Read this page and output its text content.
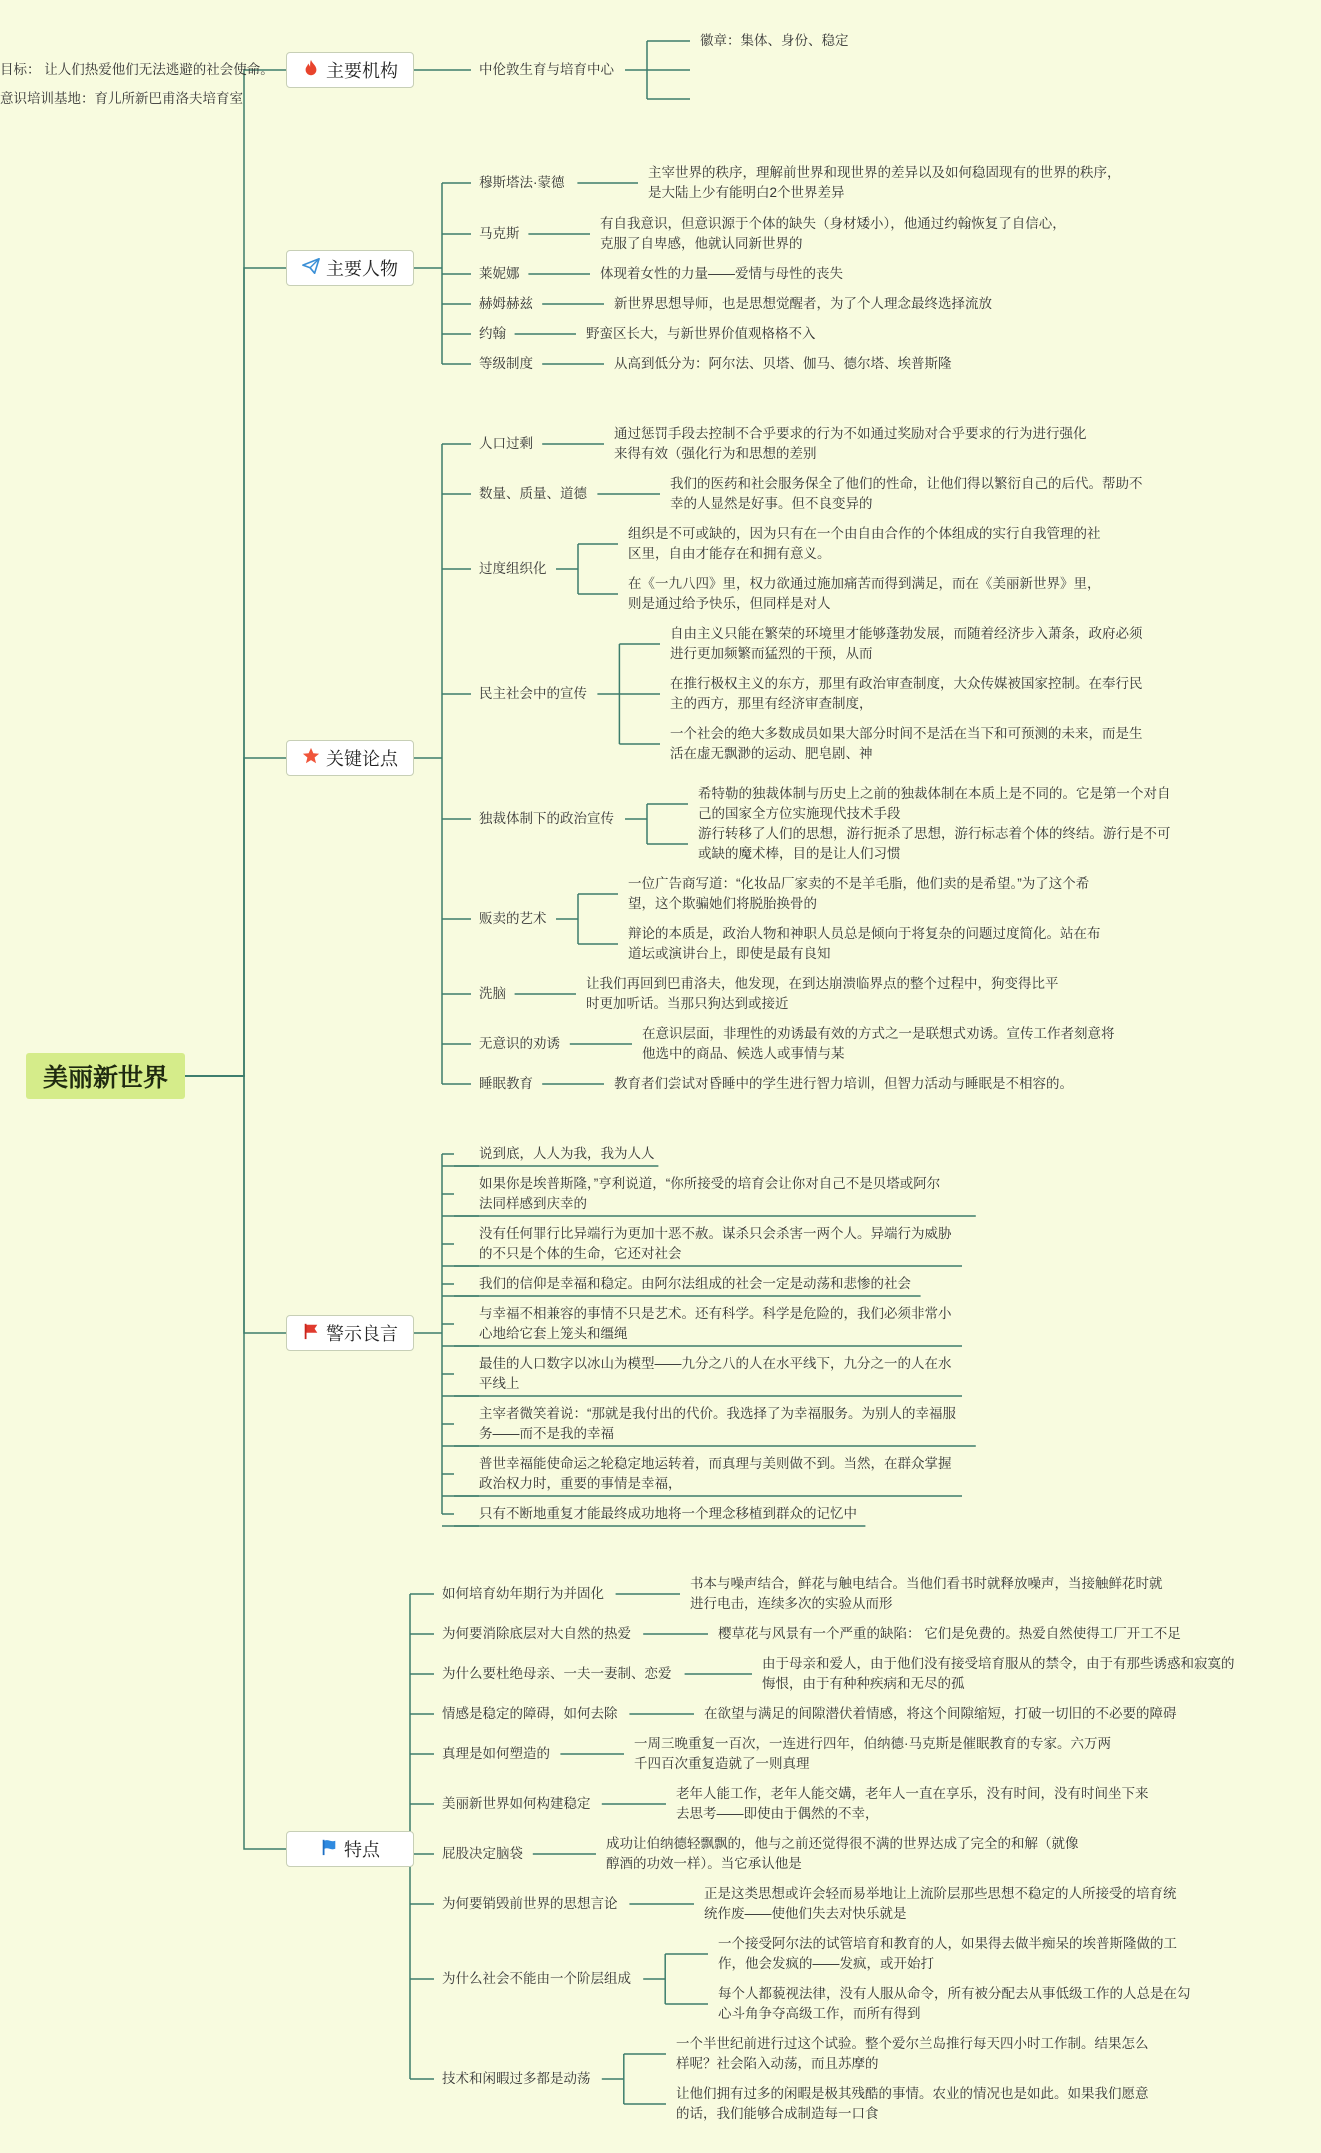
美丽新世界
主要机构	中伦敦生育与培育中心
徽章：集体、身份、稳定
目标： 让人们热爱他们无法逃避的社会使命。
意识培训基地：育儿所新巴甫洛夫培育室
主要人物
穆斯塔法·蒙德
主宰世界的秩序，理解前世界和现世界的差异以及如何稳固现有的世界的秩序，
是大陆上少有能明白2个世界差异
马克斯
有自我意识，但意识源于个体的缺失（身材矮小），他通过约翰恢复了自信心，
克服了自卑感，他就认同新世界的
莱妮娜	体现着女性的力量——爱情与母性的丧失
赫姆赫兹	新世界思想导师，也是思想觉醒者，为了个人理念最终选择流放
约翰	野蛮区长大，与新世界价值观格格不入
等级制度	从高到低分为：阿尔法、贝塔、伽马、德尔塔、埃普斯隆
关键论点
人口过剩
通过惩罚手段去控制不合乎要求的行为不如通过奖励对合乎要求的行为进行强化
来得有效（强化行为和思想的差别
数量、质量、道德
我们的医药和社会服务保全了他们的性命，让他们得以繁衍自己的后代。帮助不
幸的人显然是好事。但不良变异的
过度组织化
组织是不可或缺的，因为只有在一个由自由合作的个体组成的实行自我管理的社
区里，自由才能存在和拥有意义。
在《一九八四》里，权力欲通过施加痛苦而得到满足，而在《美丽新世界》里，
则是通过给予快乐，但同样是对人
民主社会中的宣传
自由主义只能在繁荣的环境里才能够蓬勃发展，而随着经济步入萧条，政府必须
进行更加频繁而猛烈的干预，从而
在推行极权主义的东方，那里有政治审查制度，大众传媒被国家控制。在奉行民
主的西方，那里有经济审查制度，
一个社会的绝大多数成员如果大部分时间不是活在当下和可预测的未来，而是生
活在虚无飘渺的运动、肥皂剧、神
独裁体制下的政治宣传
希特勒的独裁体制与历史上之前的独裁体制在本质上是不同的。它是第一个对自
己的国家全方位实施现代技术手段
游行转移了人们的思想，游行扼杀了思想，游行标志着个体的终结。游行是不可
或缺的魔术棒，目的是让人们习惯
贩卖的艺术
一位广告商写道：“化妆品厂家卖的不是羊毛脂，他们卖的是希望。”为了这个希
望，这个欺骗她们将脱胎换骨的
辩论的本质是，政治人物和神职人员总是倾向于将复杂的问题过度简化。站在布
道坛或演讲台上，即使是最有良知
洗脑
让我们再回到巴甫洛夫，他发现，在到达崩溃临界点的整个过程中，狗变得比平
时更加听话。当那只狗达到或接近
无意识的劝诱
在意识层面，非理性的劝诱最有效的方式之一是联想式劝诱。宣传工作者刻意将
他选中的商品、候选人或事情与某
睡眠教育	教育者们尝试对昏睡中的学生进行智力培训，但智力活动与睡眠是不相容的。
警示良言
说到底，人人为我，我为人人
如果你是埃普斯隆，”亨利说道，“你所接受的培育会让你对自己不是贝塔或阿尔
法同样感到庆幸的
没有任何罪行比异端行为更加十恶不赦。谋杀只会杀害一两个人。异端行为威胁
的不只是个体的生命，它还对社会
我们的信仰是幸福和稳定。由阿尔法组成的社会一定是动荡和悲惨的社会
与幸福不相兼容的事情不只是艺术。还有科学。科学是危险的，我们必须非常小
心地给它套上笼头和缰绳
最佳的人口数字以冰山为模型——九分之八的人在水平线下，九分之一的人在水
平线上
主宰者微笑着说：“那就是我付出的代价。我选择了为幸福服务。为别人的幸福服
务——而不是我的幸福
普世幸福能使命运之轮稳定地运转着，而真理与美则做不到。当然，在群众掌握
政治权力时，重要的事情是幸福，
只有不断地重复才能最终成功地将一个理念移植到群众的记忆中
特点
如何培育幼年期行为并固化
书本与噪声结合，鲜花与触电结合。当他们看书时就释放噪声，当接触鲜花时就
进行电击，连续多次的实验从而形
为何要消除底层对大自然的热爱	樱草花与风景有一个严重的缺陷： 它们是免费的。热爱自然使得工厂开工不足
为什么要杜绝母亲、一夫一妻制、恋爱
由于母亲和爱人，由于他们没有接受培育服从的禁令，由于有那些诱惑和寂寞的
悔恨，由于有种种疾病和无尽的孤
情感是稳定的障碍，如何去除	在欲望与满足的间隙潜伏着情感，将这个间隙缩短，打破一切旧的不必要的障碍
真理是如何塑造的
一周三晚重复一百次，一连进行四年，伯纳德·马克斯是催眠教育的专家。六万两
千四百次重复造就了一则真理
美丽新世界如何构建稳定
老年人能工作，老年人能交媾，老年人一直在享乐，没有时间，没有时间坐下来
去思考——即使由于偶然的不幸，
屁股决定脑袋
成功让伯纳德轻飘飘的，他与之前还觉得很不满的世界达成了完全的和解（就像
醇酒的功效一样）。当它承认他是
为何要销毁前世界的思想言论
正是这类思想或许会轻而易举地让上流阶层那些思想不稳定的人所接受的培育统
统作废——使他们失去对快乐就是
为什么社会不能由一个阶层组成
一个接受阿尔法的试管培育和教育的人，如果得去做半痴呆的埃普斯隆做的工
作，他会发疯的——发疯，或开始打
每个人都藐视法律，没有人服从命令，所有被分配去从事低级工作的人总是在勾
心斗角争夺高级工作，而所有得到
技术和闲暇过多都是动荡
一个半世纪前进行过这个试验。整个爱尔兰岛推行每天四小时工作制。结果怎么
样呢？社会陷入动荡，而且苏摩的
让他们拥有过多的闲暇是极其残酷的事情。农业的情况也是如此。如果我们愿意
的话，我们能够合成制造每一口食
